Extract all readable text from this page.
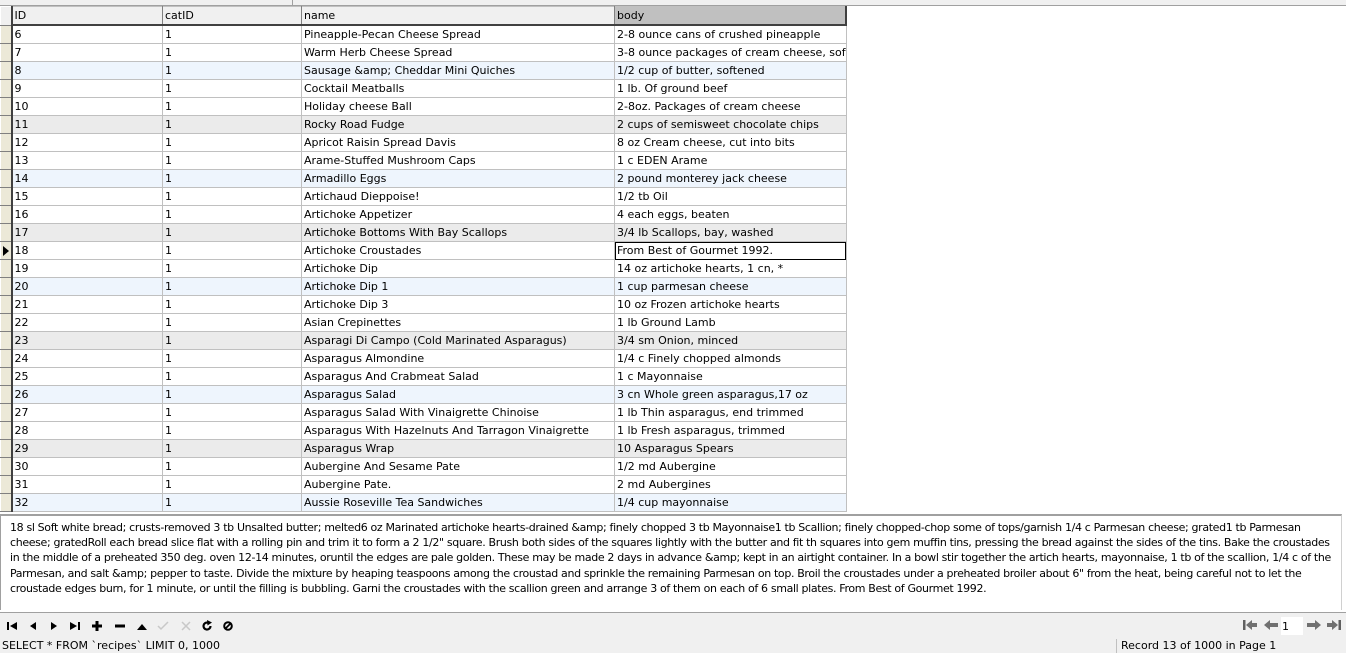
	ID	catID	name	body
	6	1	Pineapple-Pecan Cheese Spread	2-8 ounce cans of crushed pineapple
	7	1	Warm Herb Cheese Spread	3-8 ounce packages of cream cheese, sof
	8	1	Sausage &amp; Cheddar Mini Quiches	1/2 cup of butter, softened
	9	1	Cocktail Meatballs	1 lb. Of ground beef
	10	1	Holiday cheese Ball	2-8oz. Packages of cream cheese
	11	1	Rocky Road Fudge	2 cups of semisweet chocolate chips
	12	1	Apricot Raisin Spread Davis	8 oz Cream cheese, cut into bits
	13	1	Arame-Stuffed Mushroom Caps	1 c EDEN Arame
	14	1	Armadillo Eggs	2 pound monterey jack cheese
	15	1	Artichaud Dieppoise!	1/2 tb Oil
	16	1	Artichoke Appetizer	4 each eggs, beaten
	17	1	Artichoke Bottoms With Bay Scallops	3/4 lb Scallops, bay, washed

	18	1	Artichoke Croustades	From Best of Gourmet 1992.
	19	1	Artichoke Dip	14 oz artichoke hearts, 1 cn, *
	20	1	Artichoke Dip 1	1 cup parmesan cheese
	21	1	Artichoke Dip 3	10 oz Frozen artichoke hearts
	22	1	Asian Crepinettes	1 lb Ground Lamb
	23	1	Asparagi Di Campo (Cold Marinated Asparagus)	3/4 sm Onion, minced
	24	1	Asparagus Almondine	1/4 c Finely chopped almonds
	25	1	Asparagus And Crabmeat Salad	1 c Mayonnaise
	26	1	Asparagus Salad	3 cn Whole green asparagus,17 oz
	27	1	Asparagus Salad With Vinaigrette Chinoise	1 lb Thin asparagus, end trimmed
	28	1	Asparagus With Hazelnuts And Tarragon Vinaigrette	1 lb Fresh asparagus, trimmed
	29	1	Asparagus Wrap	10 Asparagus Spears
	30	1	Aubergine And Sesame Pate	1/2 md Aubergine
	31	1	Aubergine Pate.	2 md Aubergines
	32	1	Aussie Roseville Tea Sandwiches	1/4 cup mayonnaise
18 sl Soft white bread; crusts-removed 3 tb Unsalted butter; melted6 oz Marinated artichoke hearts-drained &amp; finely chopped 3 tb Mayonnaise1 tb Scallion; finely chopped-chop some of tops/garnish 1/4 c Parmesan cheese; grated1 tb Parmesan cheese; gratedRoll each bread slice flat with a rolling pin and trim it to form a 2 1/2" square. Brush both sides of the squares lightly with the butter and fit th squares into gem muffin tins, pressing the bread against the sides of the tins. Bake the croustades in the middle of a preheated 350 deg. oven 12-14 minutes, oruntil the edges are pale golden. These may be made 2 days in advance &amp; kept in an airtight container. In a bowl stir together the artich hearts, mayonnaise, 1 tb of the scallion, 1/4 c of the Parmesan, and salt &amp; pepper to taste. Divide the mixture by heaping teaspoons among the croustad and sprinkle the remaining Parmesan on top. Broil the croustades under a preheated broiler about 6" from the heat, being careful not to let the croustade edges burn, for 1 minute, or until the filling is bubbling. Garni the croustades with the scallion green and arrange 3 of them on each of 6 small plates. From Best of Gourmet 1992.
1
SELECT * FROM `recipes` LIMIT 0, 1000	Record 13 of 1000 in Page 1
